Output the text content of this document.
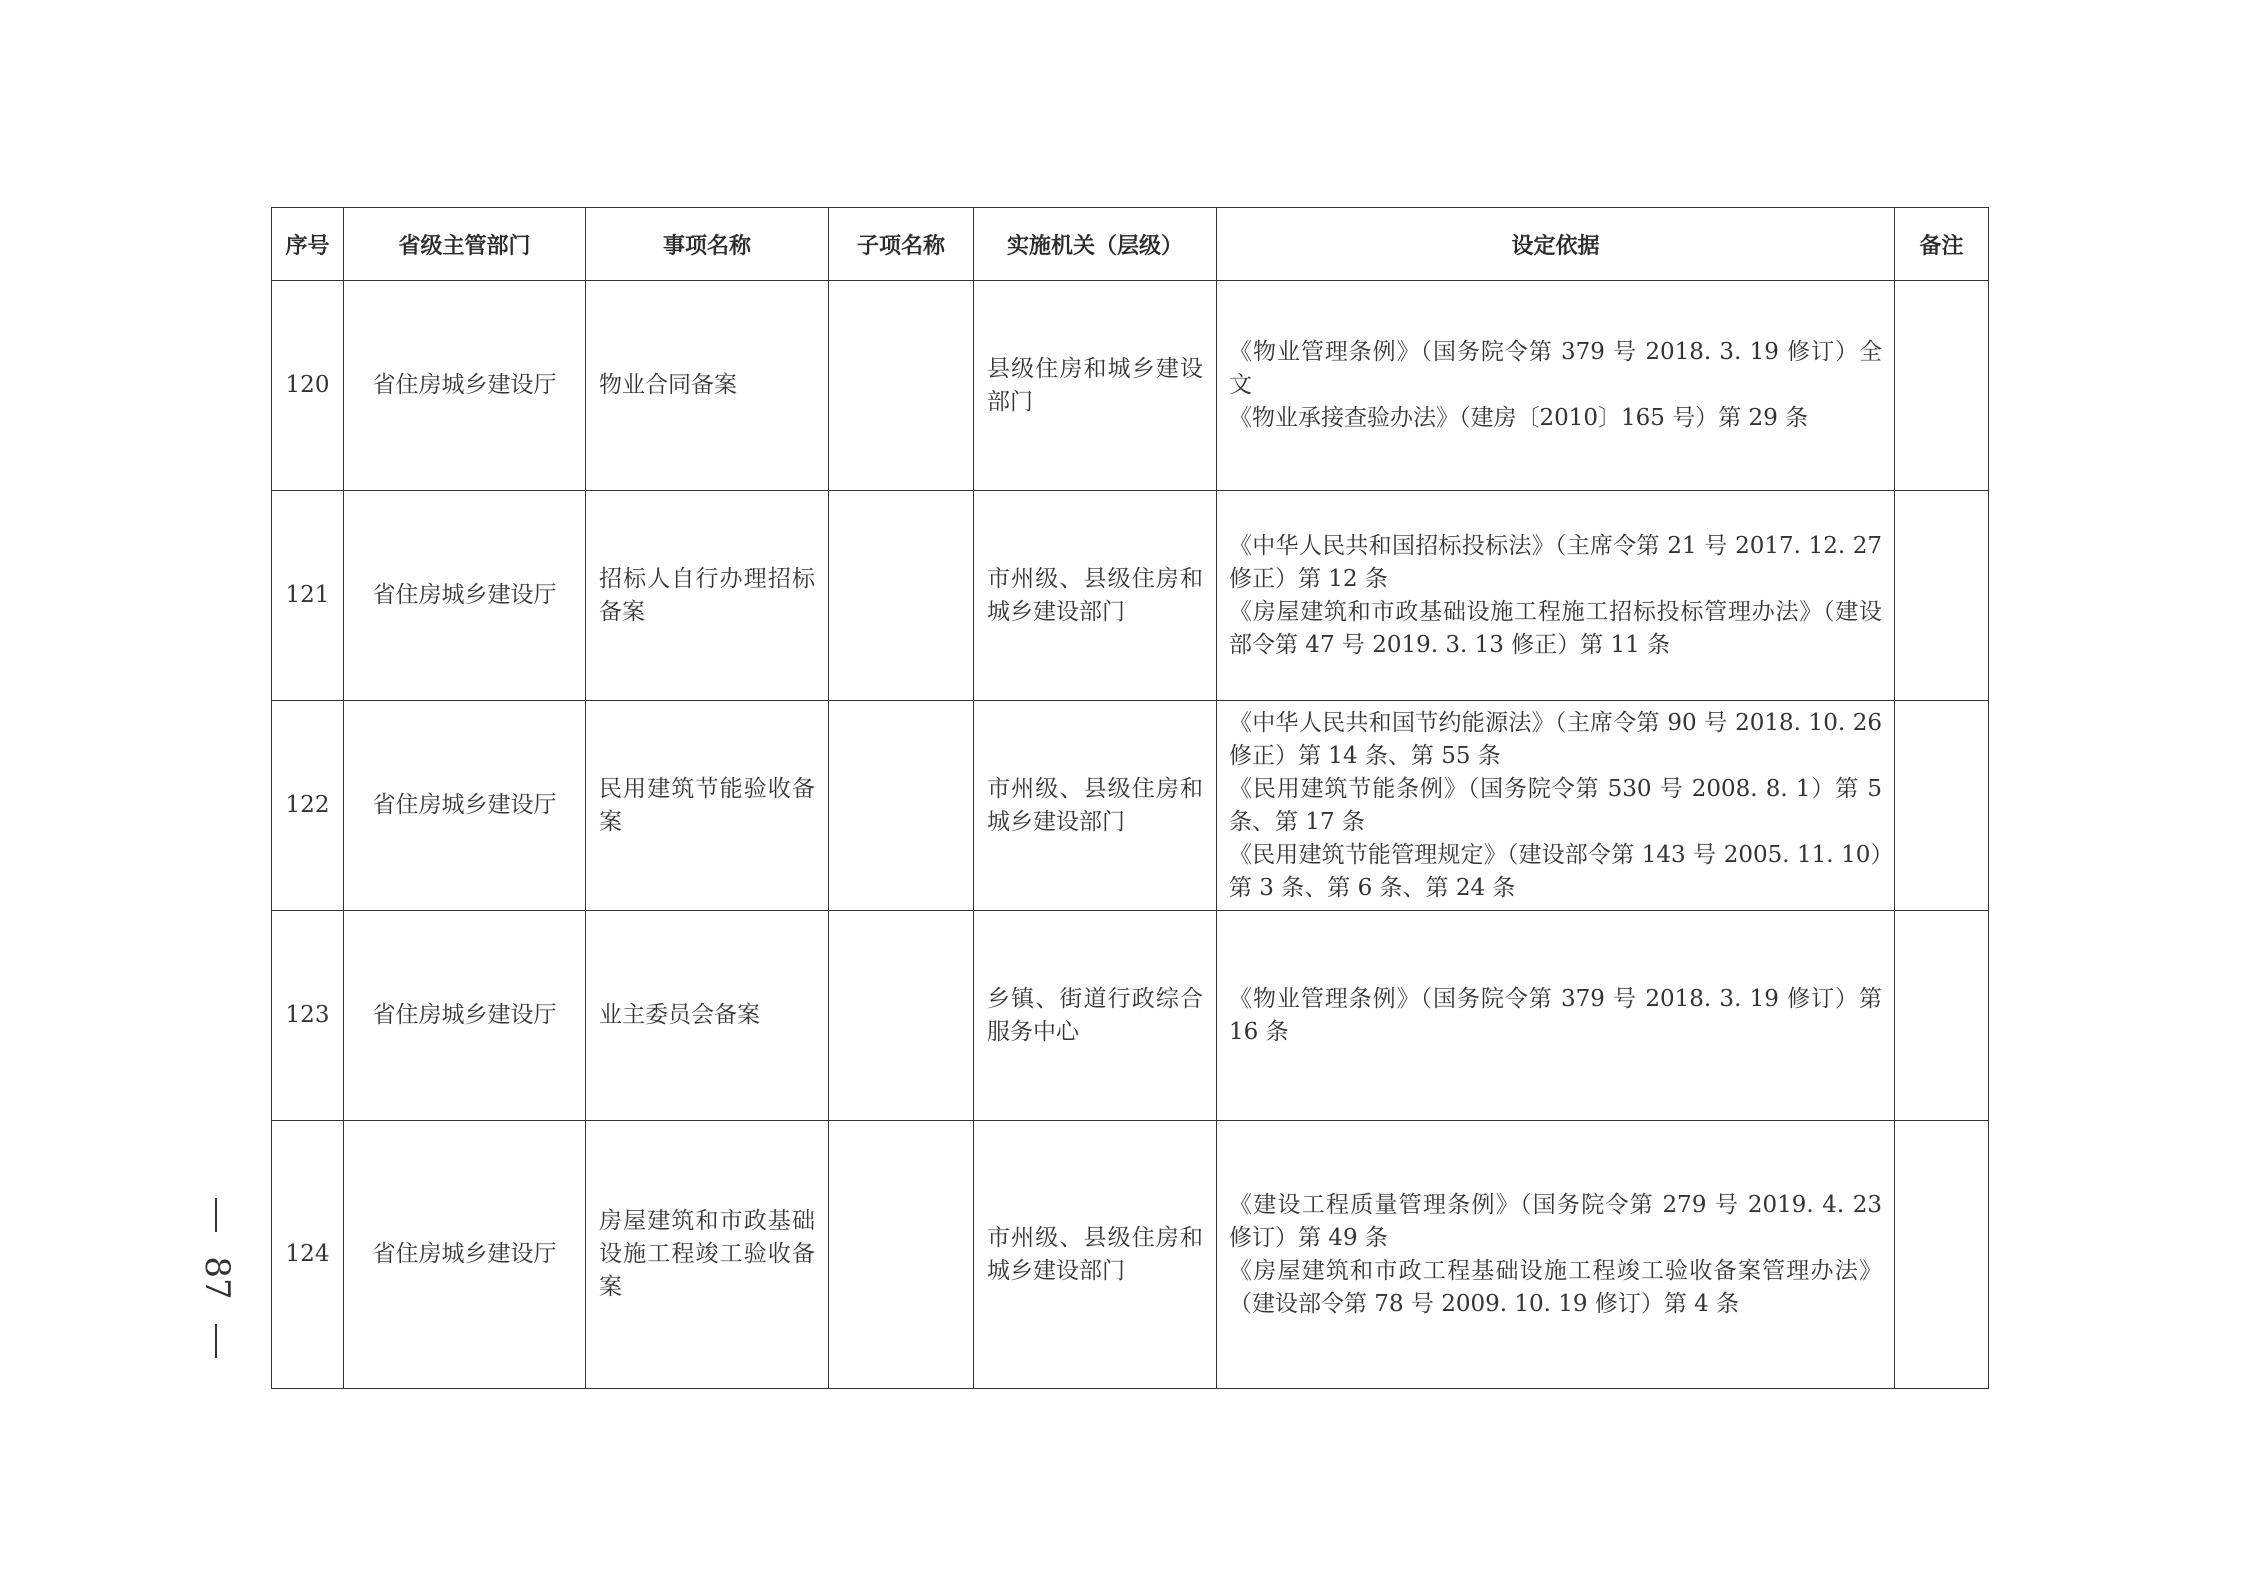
序号	省级主管部门	事项名称	子项名称	实施机关（层级）	设定依据	备注
120	省住房城乡建设厅	物业合同备案		县级住房和城乡建设部门	《物业管理条例》（国务院令第 379 号 2018. 3. 19 修订）全文
《物业承接查验办法》（建房〔2010〕165 号）第 29 条	

121	省住房城乡建设厅	招标人自行办理招标备案		市州级、县级住房和城乡建设部门	《中华人民共和国招标投标法》（主席令第 21 号 2017. 12. 27 修正）第 12 条
《房屋建筑和市政基础设施工程施工招标投标管理办法》（建设部令第 47 号 2019. 3. 13 修正）第 11 条	

122	省住房城乡建设厅	民用建筑节能验收备案		市州级、县级住房和城乡建设部门	《中华人民共和国节约能源法》（主席令第 90 号 2018. 10. 26 修正）第 14 条、第 55 条
《民用建筑节能条例》（国务院令第 530 号 2008. 8. 1）第 5 条、第 17 条
《民用建筑节能管理规定》（建设部令第 143 号 2005. 11. 10）第 3 条、第 6 条、第 24 条	

123	省住房城乡建设厅	业主委员会备案		乡镇、街道行政综合服务中心	《物业管理条例》（国务院令第 379 号 2018. 3. 19 修订）第 16 条	

124	省住房城乡建设厅	房屋建筑和市政基础设施工程竣工验收备案		市州级、县级住房和城乡建设部门	《建设工程质量管理条例》（国务院令第 279 号 2019. 4. 23 修订）第 49 条
《房屋建筑和市政工程基础设施工程竣工验收备案管理办法》（建设部令第 78 号 2009. 10. 19 修订）第 4 条	

87
